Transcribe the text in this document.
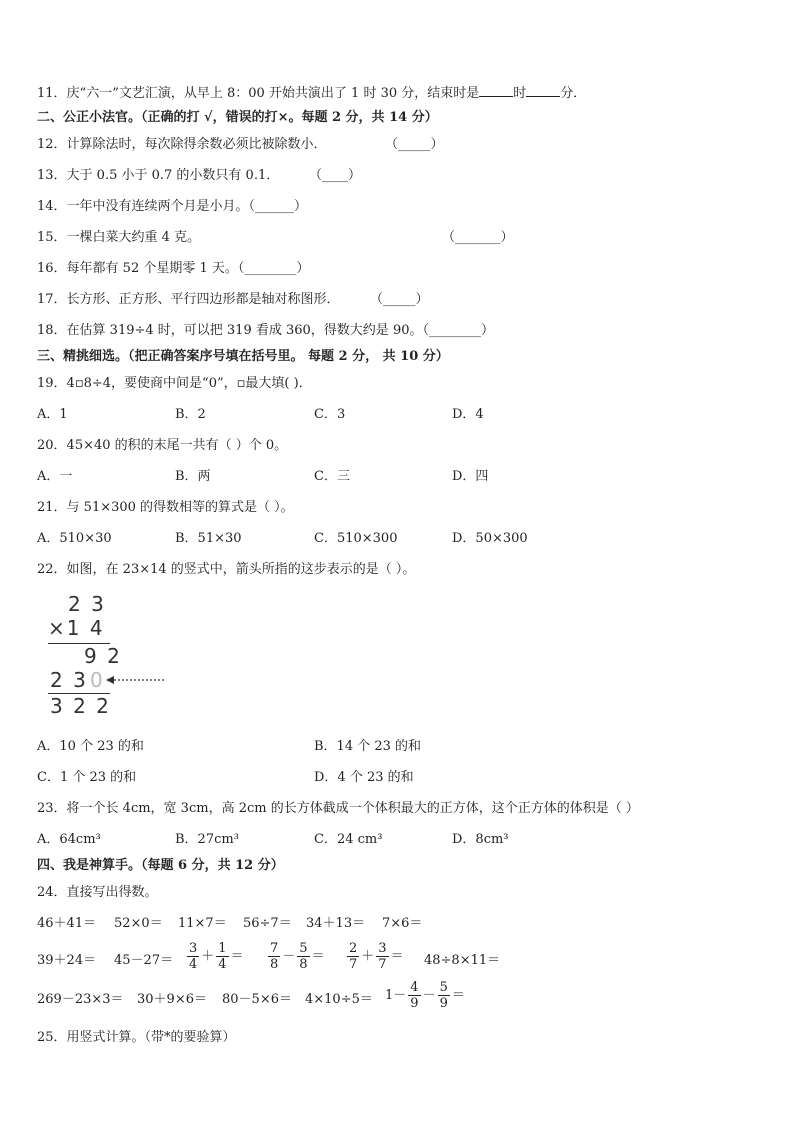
11．庆“六一”文艺汇演，从早上 8：00 开始共演出了 1 时 30 分，结束时是	时	分．
二、公正小法官。（正确的打 √，错误的打×。每题 2 分，共 14 分）
12．计算除法时，每次除得余数必须比被除数小．	（_____）
13．大于 0.5 小于 0.7 的小数只有 0.1． （____）
14．一年中没有连续两个月是小月。（______）
15．一棵白菜大约重 4 克。	（_______）
16．每年都有 52 个星期零 1 天。（________）
17．长方形、正方形、平行四边形都是轴对称图形． （_____）
18．在估算 319÷4 时，可以把 319 看成 360，得数大约是 90。（________）
三、精挑细选。（把正确答案序号填在括号里。 每题 2 分， 共 10 分）
19．4▫8÷4，要使商中间是“0”，▫最大填( )．
A．1	B．2	C．3	D．4
20．45×40 的积的末尾一共有（ ）个 0。
A．一	B．两	C．三	D．四
21．与 51×300 的得数相等的算式是（ ）。
A．510×30	B．51×30	C．510×300	D．50×300
22．如图，在 23×14 的竖式中，箭头所指的这步表示的是（ ）。
2 3
×1 4
9 2
2 3 0
3 2 2
A．10 个 23 的和	B．14 个 23 的和
C．1 个 23 的和	D．4 个 23 的和
23．将一个长 4cm，宽 3cm，高 2cm 的长方体截成一个体积最大的正方体，这个正方体的体积是（ ）
A．64cm³	B．27cm³	C．24 cm³	D．8cm³
四、我是神算手。（每题 6 分，共 12 分）
24．直接写出得数。
46＋41＝ 52×0＝ 11×7＝ 56÷7＝ 34＋13＝ 7×6＝
$39+24= 45-27= \frac{3}{4} + \frac{1}{4} = \frac{7}{8} - \frac{5}{8} = \frac{2}{7} + \frac{3}{7} = 48\div 8\times 11=$
$269-23\times 3= 30+9\times 6= 80-5\times 6= 4\times 10\div 5= 1- \frac{4}{9} - \frac{5}{9}$ ＝
25．用竖式计算。（带*的要验算）
